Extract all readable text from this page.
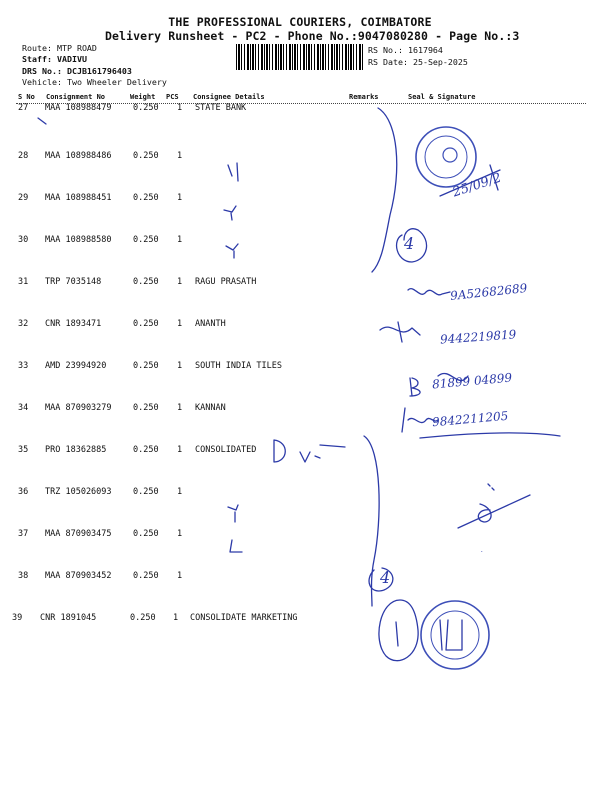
THE PROFESSIONAL COURIERS, COIMBATORE
Delivery Runsheet - PC2 - Phone No.:9047080280 - Page No.:3
Route: MTP ROAD
Staff: VADIVU
DRS No.: DCJB161796403
Vehicle: Two Wheeler Delivery
RS No.: 1617964
RS Date: 25-Sep-2025
S No Consignment No	Weight PCS Consignee Details	Remarks	Seal & Signature
27 MAA 108988479	0.250 1 STATE BANK
28 MAA 108988486	0.250 1
29 MAA 108988451	0.250 1
30 MAA 108988580	0.250 1
31 TRP 7035148	0.250 1 RAGU PRASATH
32 CNR 1893471	0.250 1 ANANTH
33 AMD 23994920	0.250 1 SOUTH INDIA TILES
34 MAA 870903279	0.250 1 KANNAN
35 PRO 18362885	0.250 1 CONSOLIDATED
36 TRZ 105026093	0.250 1
37 MAA 870903475	0.250 1
38 MAA 870903452	0.250 1
39 CNR 1891045	0.250 1 CONSOLIDATE MARKETING
.
25/09/2
9A52682689
9442219819
81899 04899
9842211205
4
4
